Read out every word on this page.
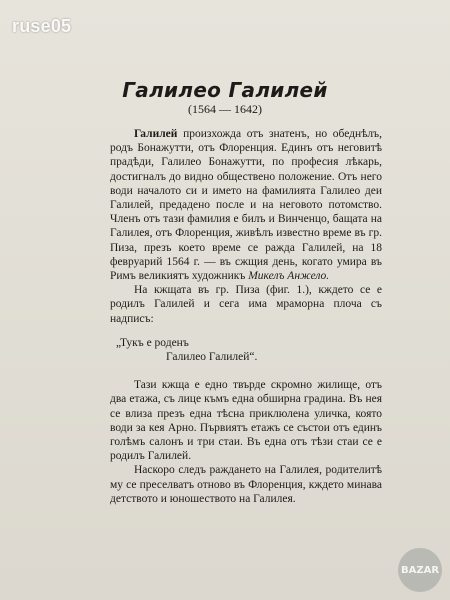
ruse05
Галилео Галилей
(1564 — 1642)

Галилей произхожда отъ знатенъ, но обеднѣлъ, родъ Бонажутти, отъ Флоренция. Единъ отъ неговитѣ прадѣди, Галилео Бонажутти, по професия лѣкарь, достигналъ до видно обществено положение. Отъ него води началото си и името на фамилията Галилео деи Галилей, предадено после и на неговото потомство. Членъ отъ тази фамилия е билъ и Винченцо, бащата на Галилея, отъ Флоренция, живѣлъ известно време въ гр. Пиза, презъ което време се ражда Галилей, на 18 февруарий 1564 г. — въ сжщия день, когато умира въ Римъ великиятъ художникъ Микелъ Анжело.

На кжщата въ гр. Пиза (фиг. 1.), кждето се е родилъ Галилей и сега има мраморна плоча съ надписъ:

„Тукъ е роденъ

Галилео Галилей“.

Тази кжща е едно твърде скромно жилище, отъ два етажа, съ лице къмъ една обширна градина. Въ нея се влиза презъ една тѣсна приклюлена уличка, която води за кея Арно. Първиятъ етажъ се състои отъ единъ голѣмъ салонъ и три стаи. Въ една отъ тѣзи стаи се е родилъ Галилей.

Наскоро следъ раждането на Галилея, родителитѣ му се преселватъ отново въ Флоренция, кждето минава детството и юношеството на Галилея.

BAZAR
